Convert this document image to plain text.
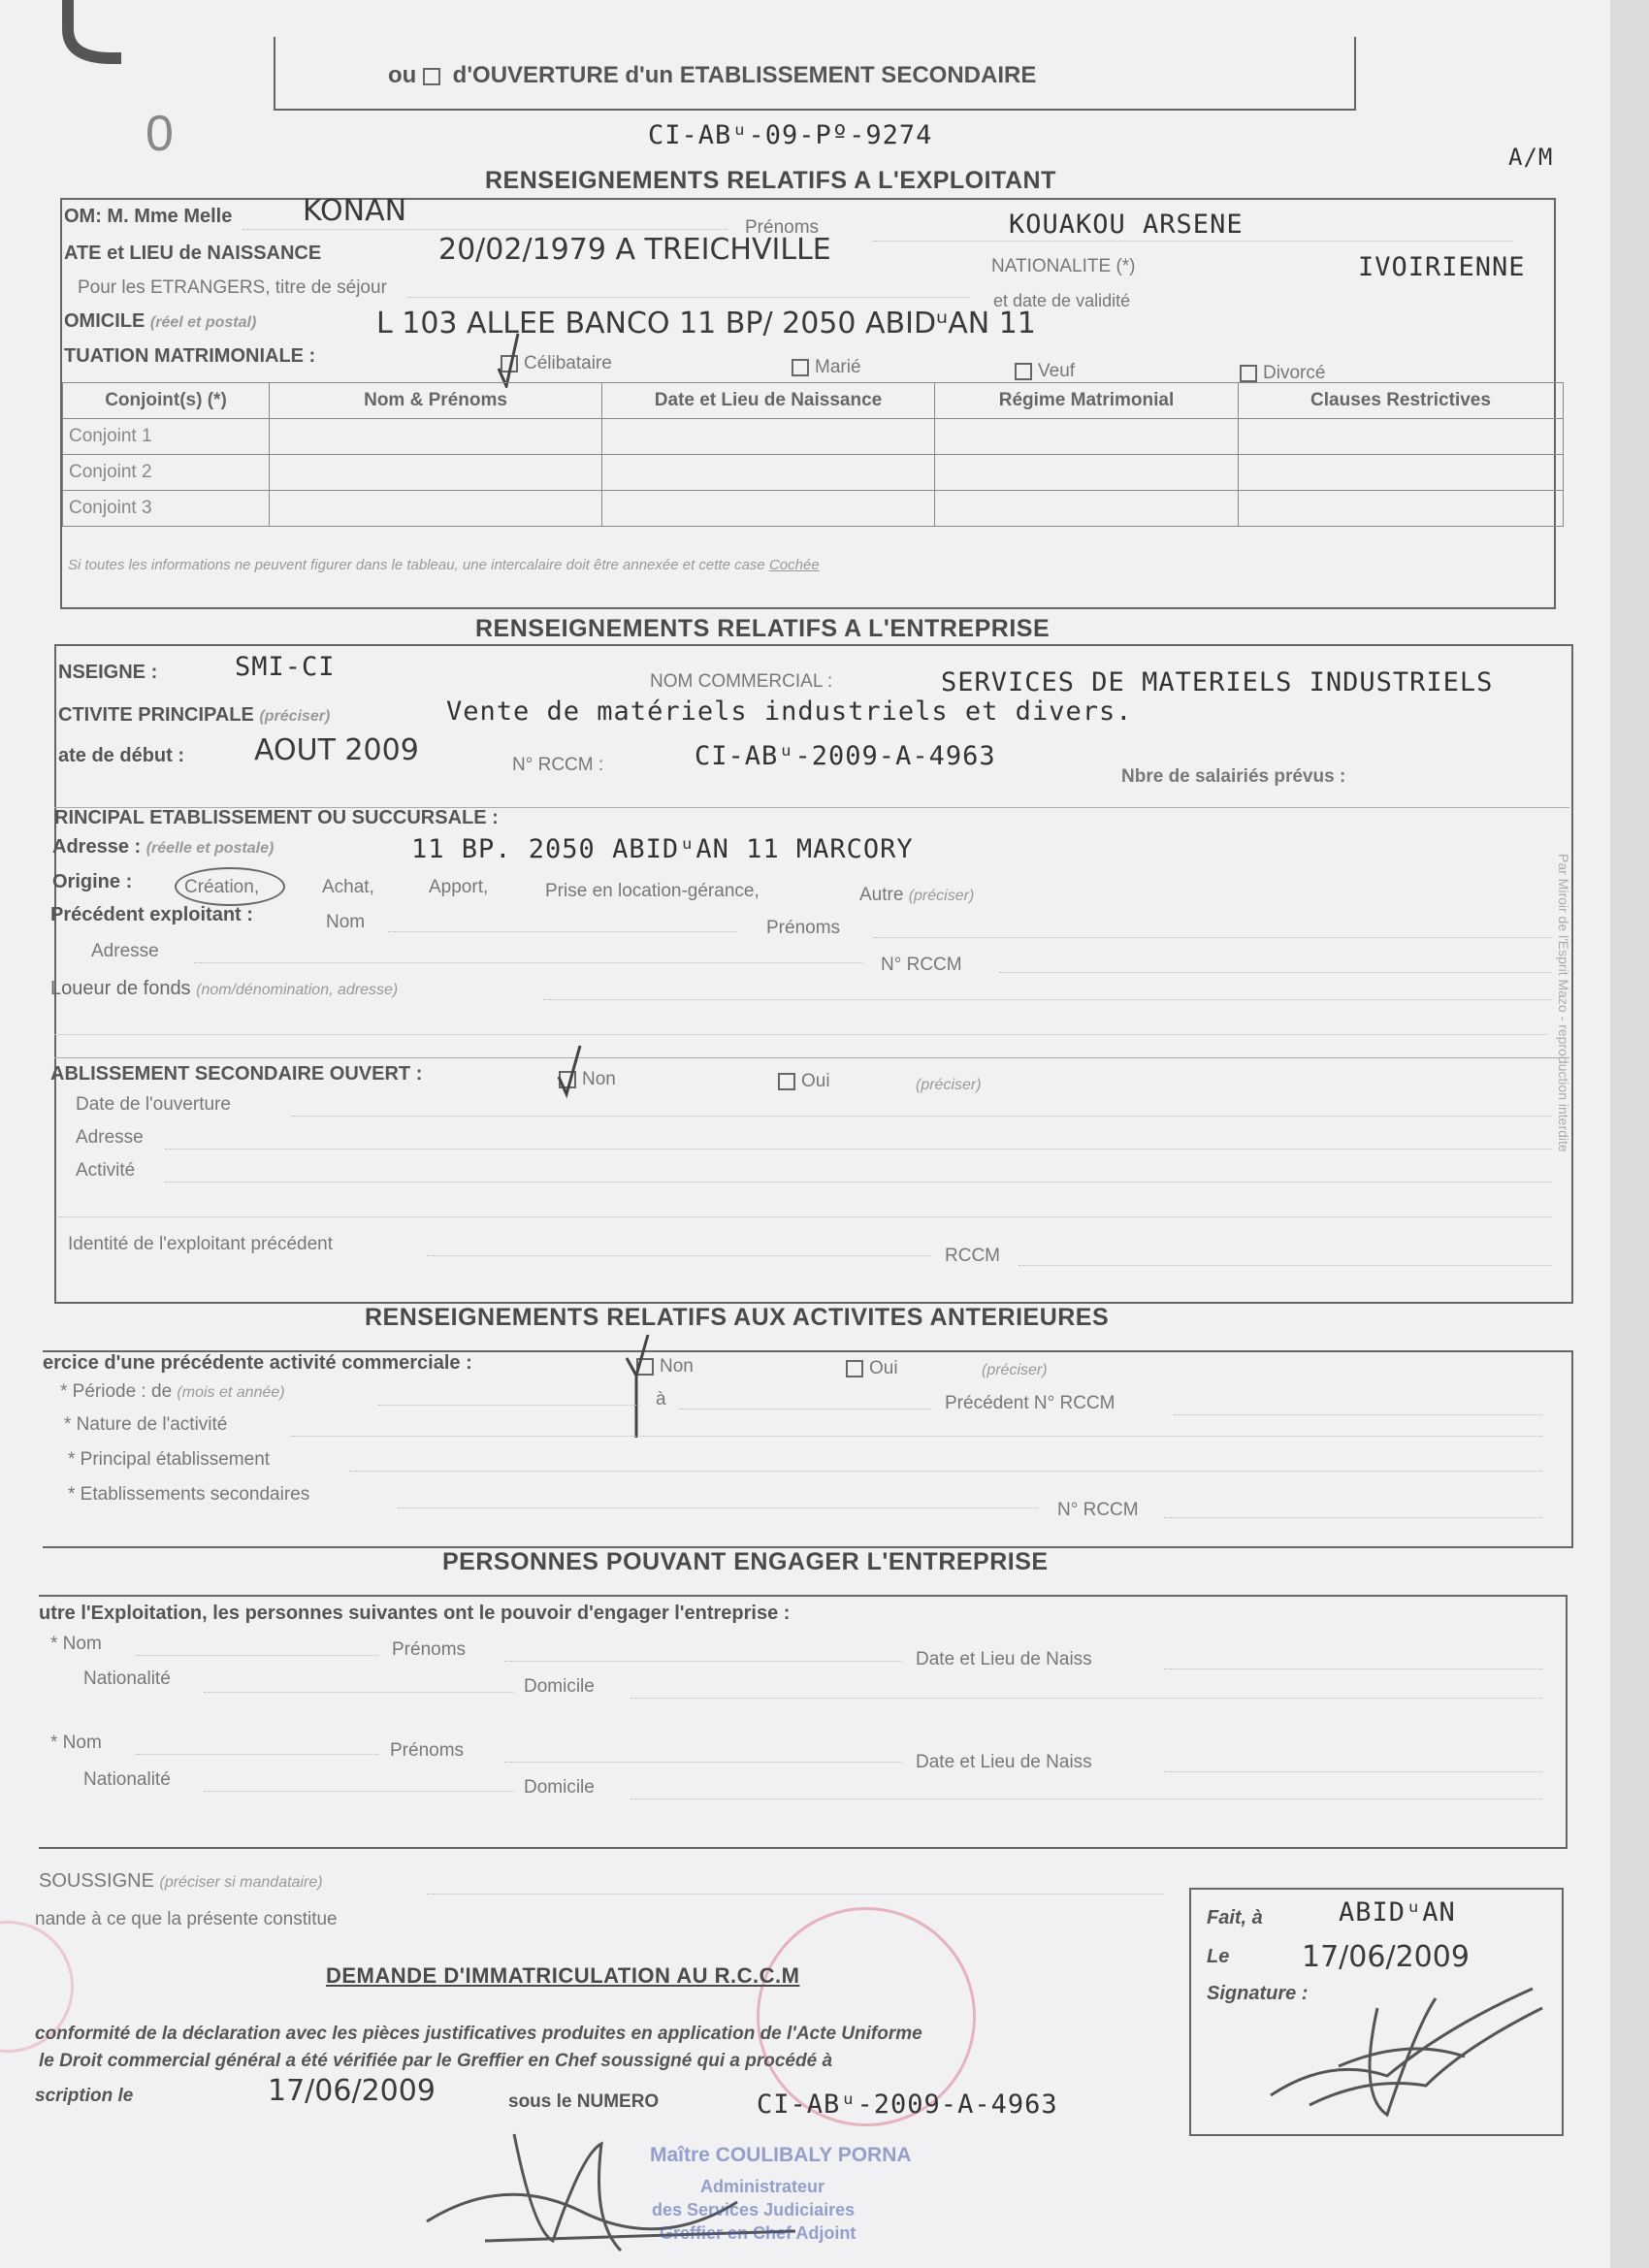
ou d'OUVERTURE d'un ETABLISSEMENT SECONDAIRE
0	CI-ABᵘ-09-Pº-9274
A/M
RENSEIGNEMENTS RELATIFS A L'EXPLOITANT
OM: M. Mme Melle KONAN	Prénoms	KOUAKOU ARSENE
ATE et LIEU de NAISSANCE	20/02/1979 A TREICHVILLE	NATIONALITE (*)	IVOIRIENNE
Pour les ETRANGERS, titre de séjour
et date de validité
OMICILE (réel et postal)	L 103 ALLEE BANCO 11 BP/ 2050 ABIDᵘAN 11
TUATION MATRIMONIALE :	Célibataire	Marié	Veuf	Divorcé
Conjoint(s) (*)	Nom & Prénoms	Date et Lieu de Naissance	Régime Matrimonial	Clauses Restrictives
Conjoint 1				
Conjoint 2				
Conjoint 3				
Si toutes les informations ne peuvent figurer dans le tableau, une intercalaire doit être annexée et cette case Cochée
RENSEIGNEMENTS RELATIFS A L'ENTREPRISE
NSEIGNE :	SMI-CI	NOM COMMERCIAL :	SERVICES DE MATERIELS INDUSTRIELS
CTIVITE PRINCIPALE (préciser)	Vente de matériels industriels et divers.
ate de début : AOUT 2009	N° RCCM :	CI-ABᵘ-2009-A-4963
Nbre de salairiés prévus :
RINCIPAL ETABLISSEMENT OU SUCCURSALE :
Adresse : (réelle et postale)	11 BP. 2050 ABIDᵘAN 11 MARCORY
Origine :	Création,	Achat,	Apport,	Prise en location-gérance,	Autre (préciser)
Précédent exploitant :	Nom	Prénoms
Adresse
N° RCCM
Loueur de fonds (nom/dénomination, adresse)
ABLISSEMENT SECONDAIRE OUVERT :	Non	Oui	(préciser)
Date de l'ouverture
Adresse
Activité
Identité de l'exploitant précédent
RCCM
RENSEIGNEMENTS RELATIFS AUX ACTIVITES ANTERIEURES
ercice d'une précédente activité commerciale :	Non	Oui	(préciser)
* Période : de (mois et année)	à	Précédent N° RCCM
* Nature de l'activité
* Principal établissement
* Etablissements secondaires
N° RCCM
PERSONNES POUVANT ENGAGER L'ENTREPRISE
utre l'Exploitation, les personnes suivantes ont le pouvoir d'engager l'entreprise :
* Nom	Prénoms	Date et Lieu de Naiss
Nationalité	Domicile
* Nom	Prénoms
Date et Lieu de Naiss
Nationalité	Domicile
SOUSSIGNE (préciser si mandataire)
nande à ce que la présente constitue
DEMANDE D'IMMATRICULATION AU R.C.C.M
conformité de la déclaration avec les pièces justificatives produites en application de l'Acte Uniforme
le Droit commercial général a été vérifiée par le Greffier en Chef soussigné qui a procédé à
scription le	17/06/2009	sous le NUMERO	CI-ABᵘ-2009-A-4963
Maître COULIBALY PORNA
Administrateur
des Services Judiciaires
Greffier en Chef Adjoint
Fait, à	ABIDᵘAN
Le 17/06/2009
Signature :
Par Miroir de l'Esprit Mazo - reproduction interdite
